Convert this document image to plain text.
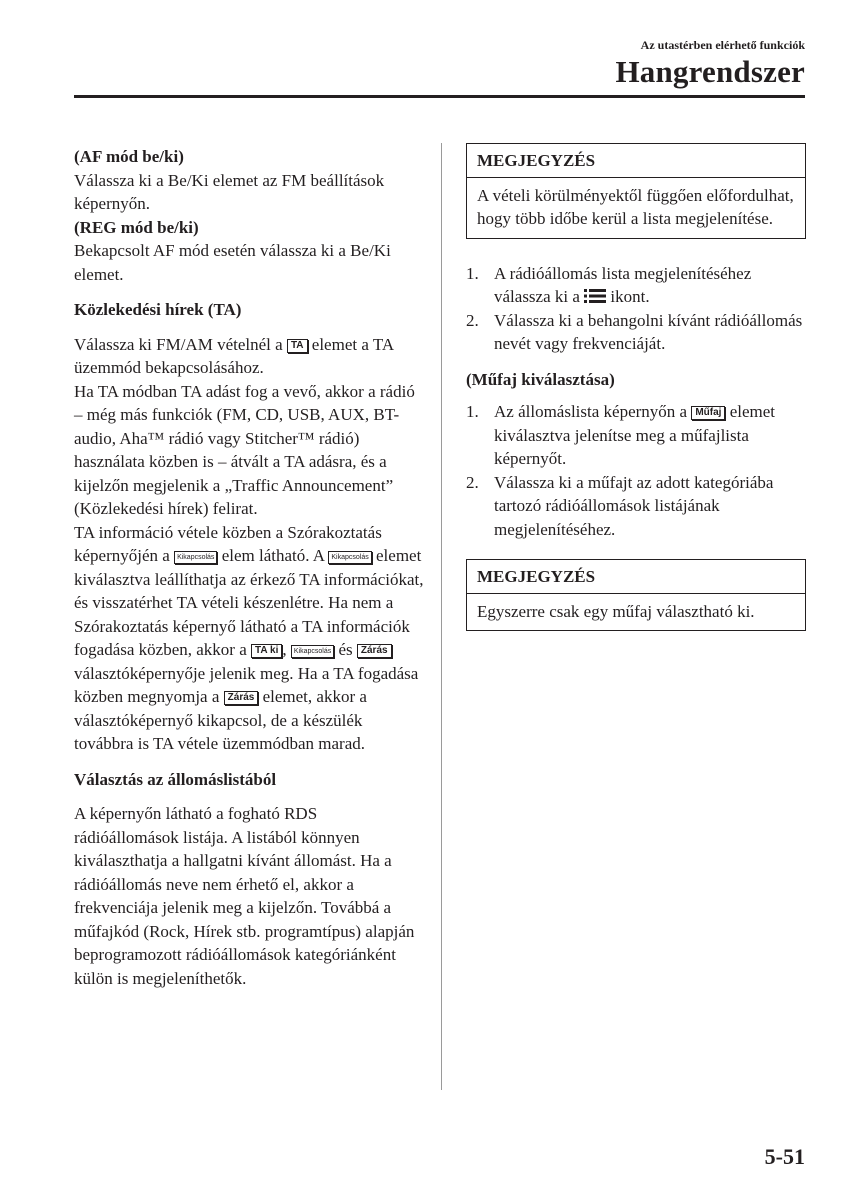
Az utastérben elérhető funkciók
Hangrendszer

(AF mód be/ki)

Válassza ki a Be/Ki elemet az FM beállítások képernyőn.

(REG mód be/ki)

Bekapcsolt AF mód esetén válassza ki a Be/Ki elemet.

Közlekedési hírek (TA)

Válassza ki FM/AM vételnél a TA elemet a TA üzemmód bekapcsolásához.

Ha TA módban TA adást fog a vevő, akkor a rádió – még más funkciók (FM, CD, USB, AUX, BT-audio, Aha™ rádió vagy Stitcher™ rádió) használata közben is – átvált a TA adásra, és a kijelzőn megjelenik a „Traffic Announcement” (Közlekedési hírek) felirat.

TA információ vétele közben a Szórakoztatás képernyőjén a Kikapcsolás elem látható. A Kikapcsolás elemet kiválasztva leállíthatja az érkező TA információkat, és visszatérhet TA vételi készenlétre. Ha nem a Szórakoztatás képernyő látható a TA információk fogadása közben, akkor a TA ki , Kikapcsolás és Zárás választóképernyője jelenik meg. Ha a TA fogadása közben megnyomja a Zárás elemet, akkor a választóképernyő kikapcsol, de a készülék továbbra is TA vétele üzemmódban marad.

Választás az állomáslistából

A képernyőn látható a fogható RDS rádióállomások listája. A listából könnyen kiválaszthatja a hallgatni kívánt állomást. Ha a rádióállomás neve nem érhető el, akkor a frekvenciája jelenik meg a kijelzőn. Továbbá a műfajkód (Rock, Hírek stb. programtípus) alapján beprogramozott rádióállomások kategóriánként külön is megjeleníthetők.

MEGJEGYZÉS
A vételi körülményektől függően előfordulhat, hogy több időbe kerül a lista megjelenítése.
1. A rádióállomás lista megjelenítéséhez válassza ki a ikont.
2. Válassza ki a behangolni kívánt rádióállomás nevét vagy frekvenciáját.

(Műfaj kiválasztása)

1. Az állomáslista képernyőn a Műfaj elemet kiválasztva jelenítse meg a műfajlista képernyőt.
2. Válassza ki a műfajt az adott kategóriába tartozó rádióállomások listájának megjelenítéséhez.
MEGJEGYZÉS
Egyszerre csak egy műfaj választható ki.
5-51
